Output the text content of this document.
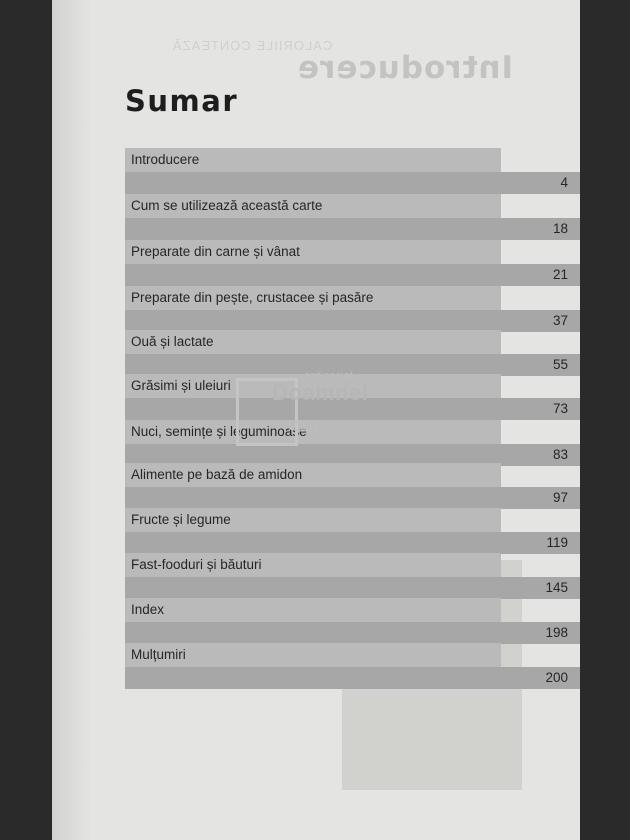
Introducere
CALORIILE CONTEAZĂ
Sumar
Introducere
4
Cum se utilizează această carte
18
Preparate din carne și vânat
21
Preparate din pește, crustacee și pasăre
37
Ouă și lactate
55
Grăsimi și uleiuri
73
Nuci, semințe și leguminoase
83
Alimente pe bază de amidon
97
Fructe și legume
119
Fast-fooduri și băuturi
145
Index
198
Mulțumiri
200
anticariat
Doamnei
